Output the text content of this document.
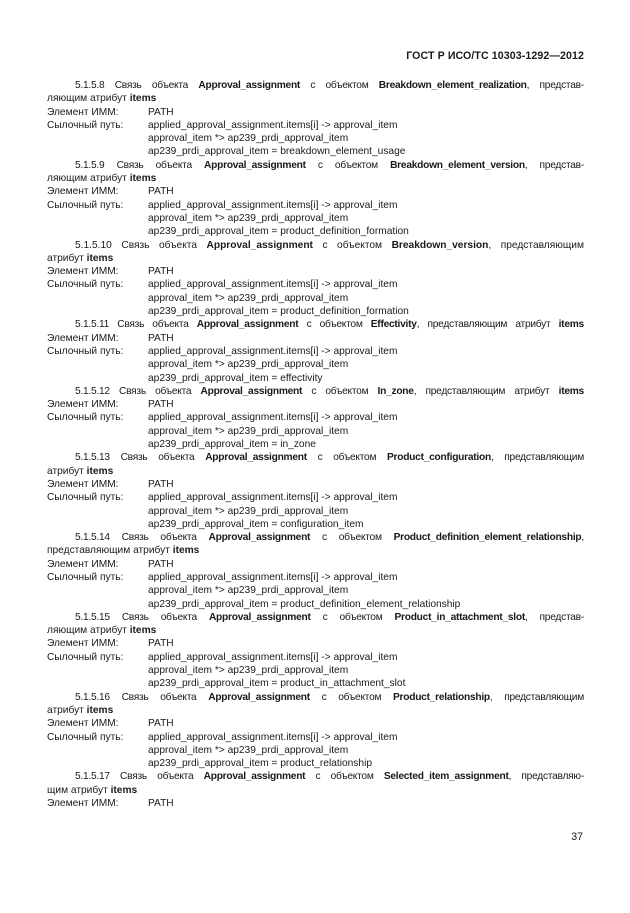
ГОСТ Р ИСО/ТС 10303-1292—2012
5.1.5.8 Связь объекта Approval_assignment с объектом Breakdown_element_realization, представ-
ляющим атрибут items
Элемент ИММ:	PATH
Сылочный путь:	applied_approval_assignment.items[i] -> approval_item
approval_item *> ap239_prdi_approval_item
ap239_prdi_approval_item = breakdown_element_usage
5.1.5.9 Связь объекта Approval_assignment с объектом Breakdown_element_version, представ-
ляющим атрибут items
Элемент ИММ:	PATH
Сылочный путь:	applied_approval_assignment.items[i] -> approval_item
approval_item *> ap239_prdi_approval_item
ap239_prdi_approval_item = product_definition_formation
5.1.5.10 Связь объекта Approval_assignment с объектом Breakdown_version, представляющим
атрибут items
Элемент ИММ:	PATH
Сылочный путь:	applied_approval_assignment.items[i] -> approval_item
approval_item *> ap239_prdi_approval_item
ap239_prdi_approval_item = product_definition_formation
5.1.5.11 Связь объекта Approval_assignment с объектом Effectivity, представляющим атрибут items
Элемент ИММ:	PATH
Сылочный путь:	applied_approval_assignment.items[i] -> approval_item
approval_item *> ap239_prdi_approval_item
ap239_prdi_approval_item = effectivity
5.1.5.12 Связь объекта Approval_assignment с объектом In_zone, представляющим атрибут items
Элемент ИММ:	PATH
Сылочный путь:	applied_approval_assignment.items[i] -> approval_item
approval_item *> ap239_prdi_approval_item
ap239_prdi_approval_item = in_zone
5.1.5.13 Связь объекта Approval_assignment с объектом Product_configuration, представляющим
атрибут items
Элемент ИММ:	PATH
Сылочный путь:	applied_approval_assignment.items[i] -> approval_item
approval_item *> ap239_prdi_approval_item
ap239_prdi_approval_item = configuration_item
5.1.5.14 Связь объекта Approval_assignment с объектом Product_definition_element_relationship,
представляющим атрибут items
Элемент ИММ:	PATH
Сылочный путь:	applied_approval_assignment.items[i] -> approval_item
approval_item *> ap239_prdi_approval_item
ap239_prdi_approval_item = product_definition_element_relationship
5.1.5.15 Связь объекта Approval_assignment с объектом Product_in_attachment_slot, представ-
ляющим атрибут items
Элемент ИММ:	PATH
Сылочный путь:	applied_approval_assignment.items[i] -> approval_item
approval_item *> ap239_prdi_approval_item
ap239_prdi_approval_item = product_in_attachment_slot
5.1.5.16 Связь объекта Approval_assignment с объектом Product_relationship, представляющим
атрибут items
Элемент ИММ:	PATH
Сылочный путь:	applied_approval_assignment.items[i] -> approval_item
approval_item *> ap239_prdi_approval_item
ap239_prdi_approval_item = product_relationship
5.1.5.17 Связь объекта Approval_assignment с объектом Selected_item_assignment, представляю-
щим атрибут items
Элемент ИММ:	PATH
37
